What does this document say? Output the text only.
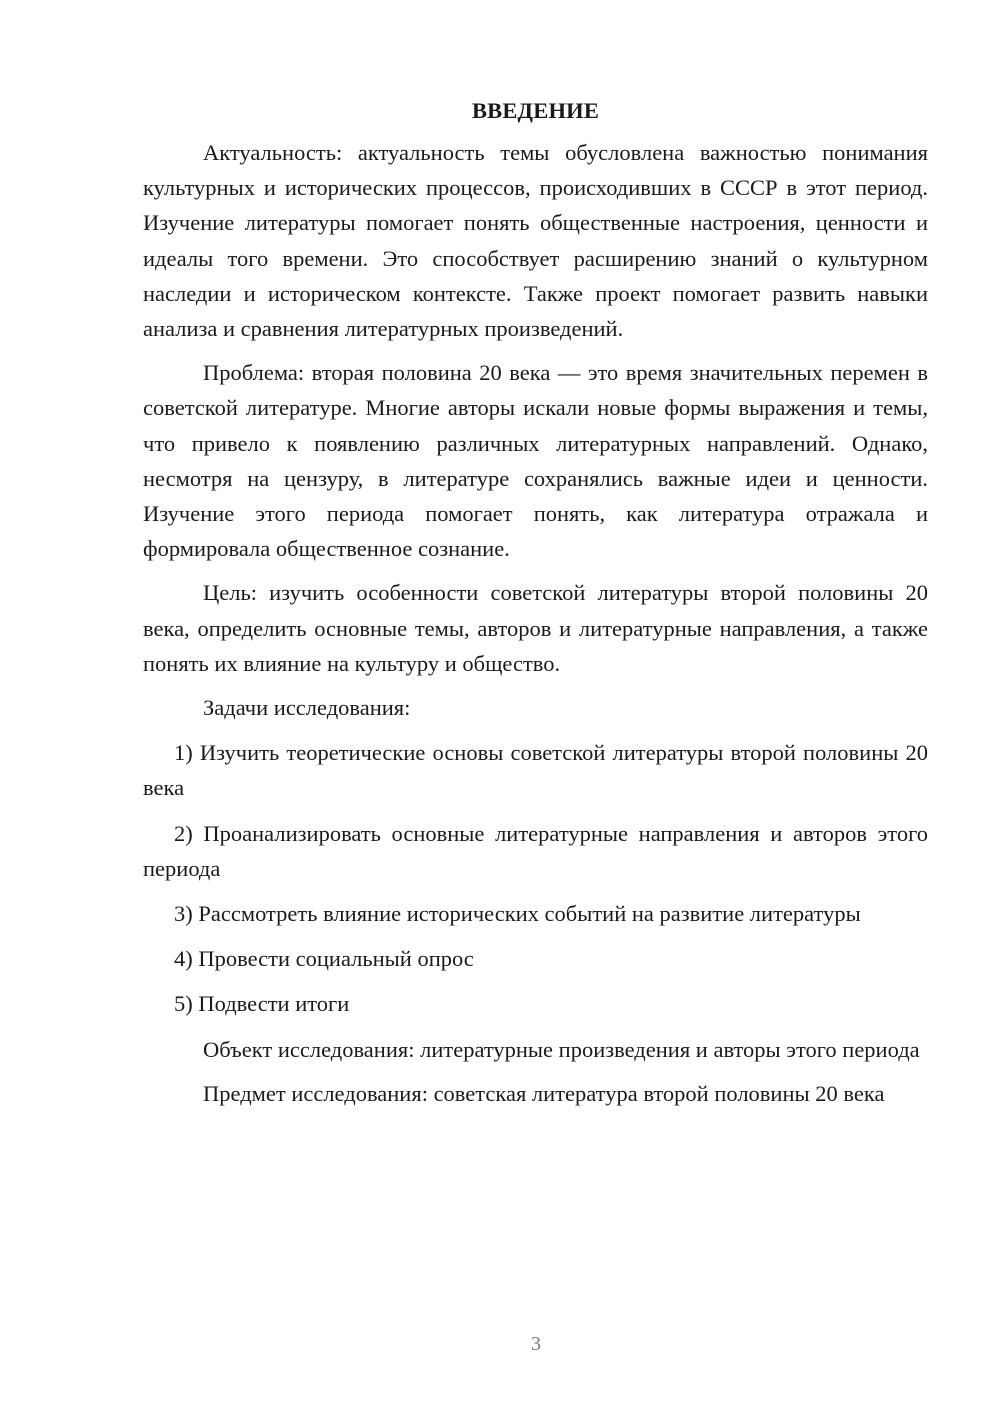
ВВЕДЕНИЕ

Актуальность: актуальность темы обусловлена важностью понимания культурных и исторических процессов, происходивших в СССР в этот период. Изучение литературы помогает понять общественные настроения, ценности и идеалы того времени. Это способствует расширению знаний о культурном наследии и историческом контексте. Также проект помогает развить навыки анализа и сравнения литературных произведений.

Проблема: вторая половина 20 века — это время значительных перемен в советской литературе. Многие авторы искали новые формы выражения и темы, что привело к появлению различных литературных направлений. Однако, несмотря на цензуру, в литературе сохранялись важные идеи и ценности. Изучение этого периода помогает понять, как литература отражала и формировала общественное сознание.

Цель: изучить особенности советской литературы второй половины 20 века, определить основные темы, авторов и литературные направления, а также понять их влияние на культуру и общество.

Задачи исследования:

1) Изучить теоретические основы советской литературы второй половины 20 века

2) Проанализировать основные литературные направления и авторов этого периода

3) Рассмотреть влияние исторических событий на развитие литературы

4) Провести социальный опрос

5) Подвести итоги

Объект исследования: литературные произведения и авторы этого периода

Предмет исследования: советская литература второй половины 20 века

3
